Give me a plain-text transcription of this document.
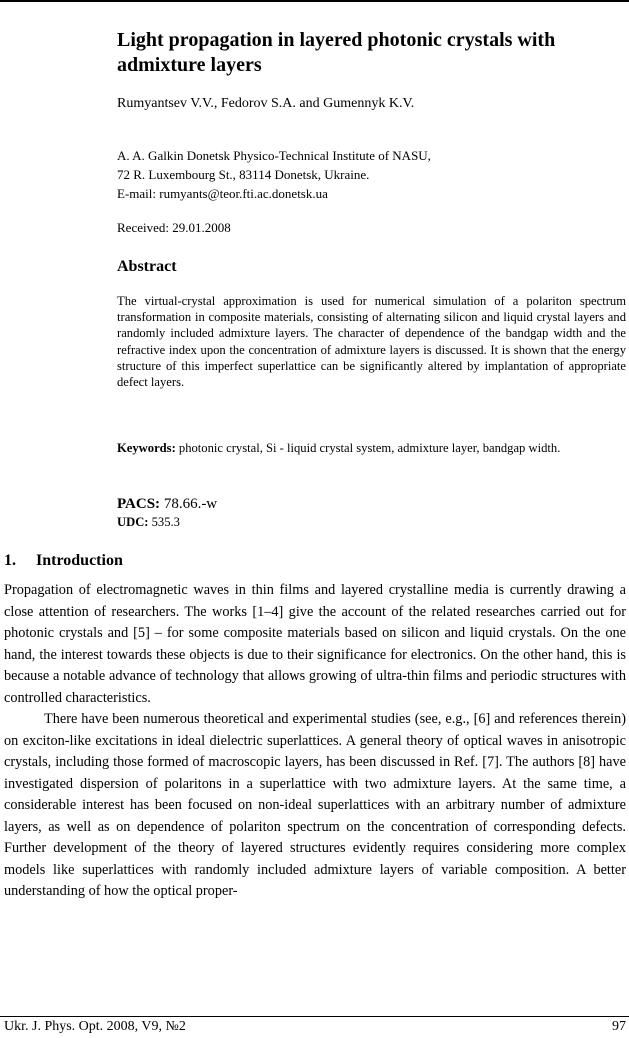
Light propagation in layered photonic crystals with admixture layers
Rumyantsev V.V., Fedorov S.A. and Gumennyk K.V.
A. A. Galkin Donetsk Physico-Technical Institute of NASU,
72 R. Luxembourg St., 83114 Donetsk, Ukraine.
E-mail: rumyants@teor.fti.ac.donetsk.ua
Received: 29.01.2008
Abstract
The virtual-crystal approximation is used for numerical simulation of a polariton spectrum transformation in composite materials, consisting of alternating silicon and liquid crystal layers and randomly included admixture layers. The character of dependence of the bandgap width and the refractive index upon the concentration of admixture layers is discussed. It is shown that the energy structure of this imperfect superlattice can be significantly altered by implantation of appropriate defect layers.
Keywords: photonic crystal, Si - liquid crystal system, admixture layer, bandgap width.
PACS: 78.66.-w
UDC: 535.3
1. Introduction

Propagation of electromagnetic waves in thin films and layered crystalline media is currently drawing a close attention of researchers. The works [1–4] give the account of the related researches carried out for photonic crystals and [5] – for some composite materials based on silicon and liquid crystals. On the one hand, the interest towards these objects is due to their significance for electronics. On the other hand, this is because a notable advance of technology that allows growing of ultra-thin films and periodic structures with controlled characteristics.

There have been numerous theoretical and experimental studies (see, e.g., [6] and references therein) on exciton-like excitations in ideal dielectric superlattices. A general theory of optical waves in anisotropic crystals, including those formed of macroscopic layers, has been discussed in Ref. [7]. The authors [8] have investigated dispersion of polaritons in a superlattice with two admixture layers. At the same time, a considerable interest has been focused on non-ideal superlattices with an arbitrary number of admixture layers, as well as on dependence of polariton spectrum on the concentration of corresponding defects. Further development of the theory of layered structures evidently requires considering more complex models like superlattices with randomly included admixture layers of variable composition. A better understanding of how the optical proper-

Ukr. J. Phys. Opt. 2008, V9, №2	97
